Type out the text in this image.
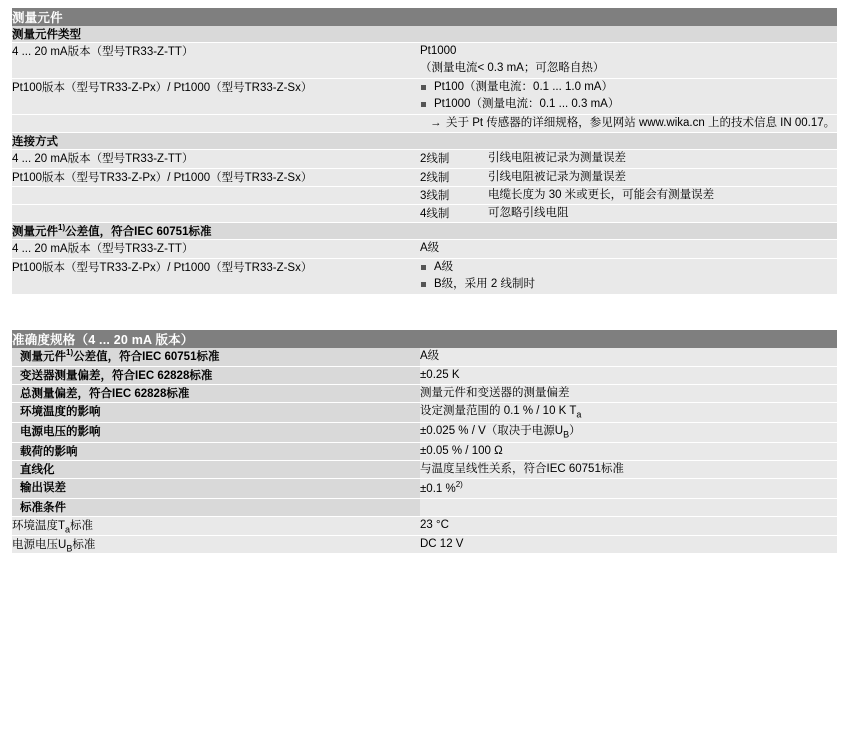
测量元件		
测量元件类型		

4 ... 20 mA版本（型号TR33-Z-TT）	Pt1000
（测量电流< 0.3 mA；可忽略自热）	

Pt100版本（型号TR33-Z-Px）/ Pt1000（型号TR33-Z-Sx）	Pt100（测量电流：0.1 ... 1.0 mA）
Pt1000（测量电流：0.1 ... 0.3 mA）

	→ 关于 Pt 传感器的详细规格，参见网站 www.wika.cn 上的技术信息 IN 00.17。

连接方式		

4 ... 20 mA版本（型号TR33-Z-TT）	2线制	引线电阻被记录为测量误差

Pt100版本（型号TR33-Z-Px）/ Pt1000（型号TR33-Z-Sx）	2线制	引线电阻被记录为测量误差

	3线制	电缆长度为 30 米或更长，可能会有测量误差

	4线制	可忽略引线电阻

测量元件$^{1)}$公差值，符合IEC 60751标准		

4 ... 20 mA版本（型号TR33-Z-TT）	A级	

Pt100版本（型号TR33-Z-Px）/ Pt1000（型号TR33-Z-Sx）	A级
B级，采用 2 线制时
准确度规格（4 ... 20 mA 版本）	
测量元件$^{1)}$公差值，符合IEC 60751标准	A级

变送器测量偏差，符合IEC 62828标准	±0.25 K

总测量偏差，符合IEC 62828标准	测量元件和变送器的测量偏差

环境温度的影响	设定测量范围的 0.1 % / 10 K $T_a$

电源电压的影响	±0.025 % / V（取决于电源$U_B$）

载荷的影响	±0.05 % / 100 Ω

直线化	与温度呈线性关系，符合IEC 60751标准

输出误差	±0.1 %$^{2)}$

标准条件	

环境温度$T_a$标准	23 °C

电源电压$U_B$标准	DC 12 V
